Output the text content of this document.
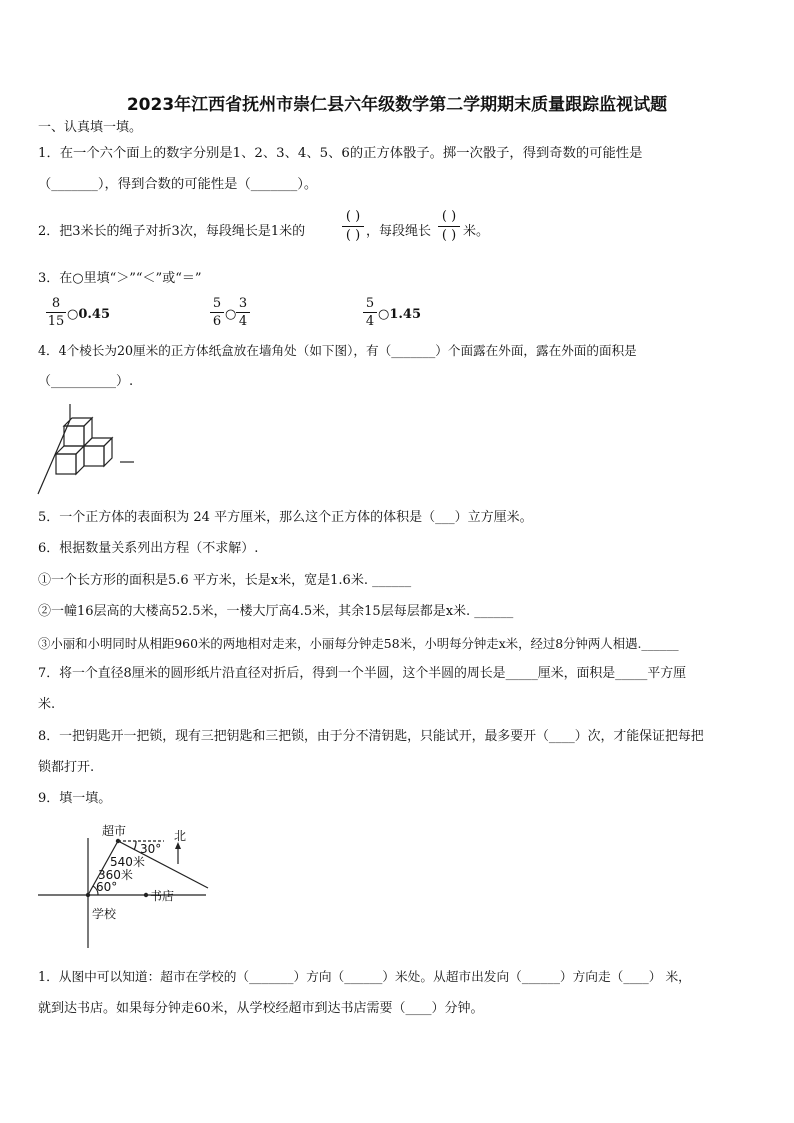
2023年江西省抚州市崇仁县六年级数学第二学期期末质量跟踪监视试题
一、认真填一填。
1．在一个六个面上的数字分别是1、2、3、4、5、6的正方体骰子。掷一次骰子，得到奇数的可能性是
（_______），得到合数的可能性是（_______）。
2．把3米长的绳子对折3次，每段绳长是1米的
( )
( ) ，每段绳长
( )
( ) 米。
3．在○里填“＞”“＜”或“＝”
8
15 ○0.45
5
6 ○
3
4
5
4 ○1.45
4．4个棱长为20厘米的正方体纸盒放在墙角处（如下图），有（_______）个面露在外面，露在外面的面积是
（__________）.
5．一个正方体的表面积为 24 平方厘米，那么这个正方体的体积是（___）立方厘米。
6．根据数量关系列出方程（不求解）.
①一个长方形的面积是5.6 平方米，长是x米，宽是1.6米. ______
②一幢16层高的大楼高52.5米，一楼大厅高4.5米，其余15层每层都是x米. ______
③小丽和小明同时从相距960米的两地相对走来，小丽每分钟走58米，小明每分钟走x米，经过8分钟两人相遇.______
7．将一个直径8厘米的圆形纸片沿直径对折后，得到一个半圆，这个半圆的周长是_____厘米，面积是_____平方厘
米.
8．一把钥匙开一把锁，现有三把钥匙和三把锁，由于分不清钥匙，只能试开，最多要开（____）次，才能保证把每把
锁都打开.
9．填一填。
超市	北
30°
540米
360米
60°
书店
学校
1．从图中可以知道：超市在学校的（_______）方向（______）米处。从超市出发向（______）方向走（____） 米，
就到达书店。如果每分钟走60米，从学校经超市到达书店需要（____）分钟。
